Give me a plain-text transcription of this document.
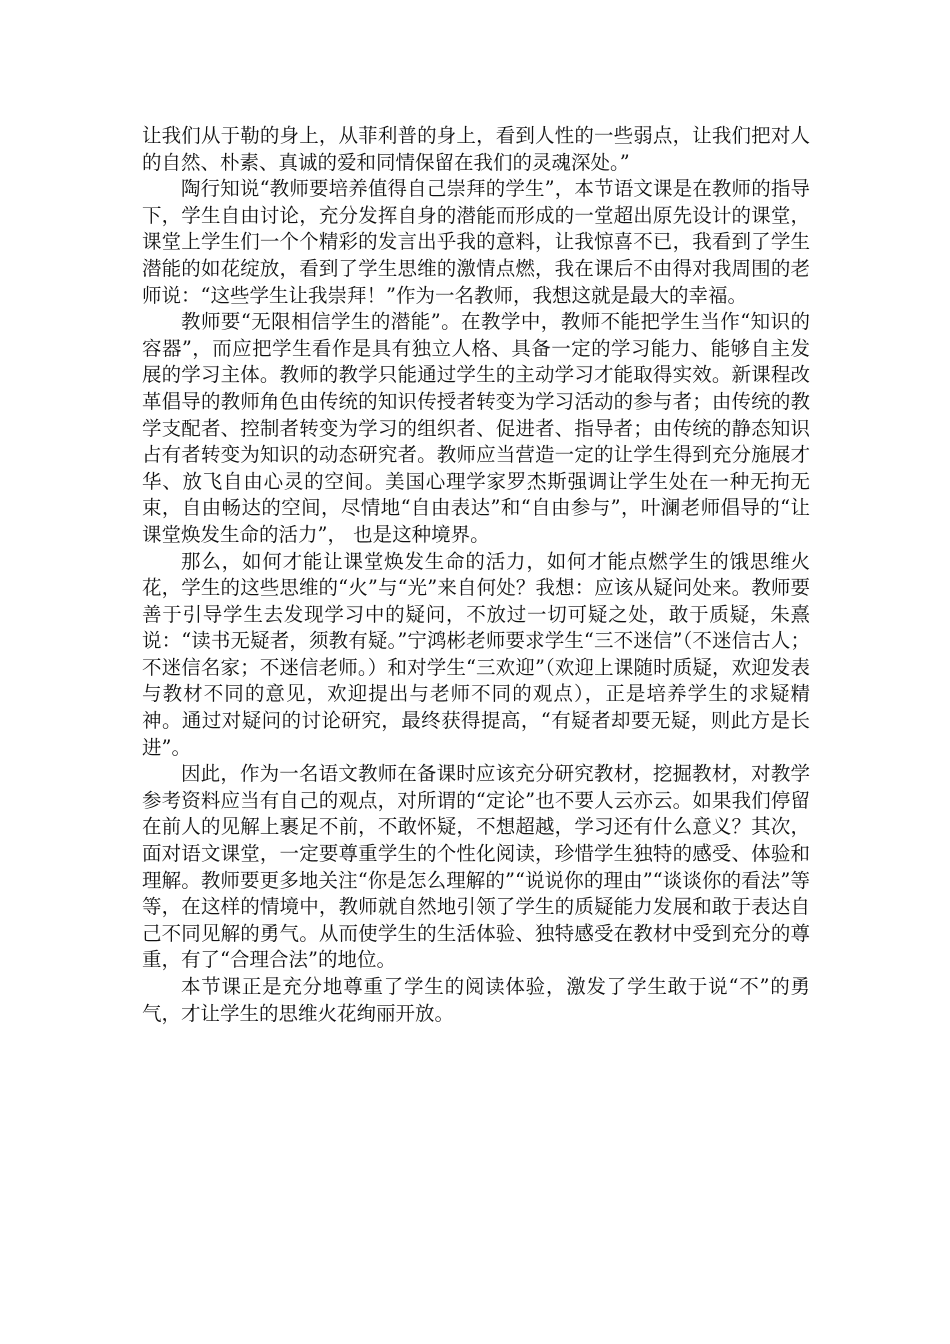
让我们从于勒的身上，从菲利普的身上，看到人性的一些弱点，让我们把对人的自然、朴素、真诚的爱和同情保留在我们的灵魂深处。”

陶行知说“教师要培养值得自己崇拜的学生”，本节语文课是在教师的指导下，学生自由讨论，充分发挥自身的潜能而形成的一堂超出原先设计的课堂，课堂上学生们一个个精彩的发言出乎我的意料，让我惊喜不已，我看到了学生潜能的如花绽放，看到了学生思维的激情点燃，我在课后不由得对我周围的老师说：“这些学生让我崇拜！”作为一名教师，我想这就是最大的幸福。

教师要“无限相信学生的潜能”。在教学中，教师不能把学生当作“知识的容器”，而应把学生看作是具有独立人格、具备一定的学习能力、能够自主发展的学习主体。教师的教学只能通过学生的主动学习才能取得实效。新课程改革倡导的教师角色由传统的知识传授者转变为学习活动的参与者；由传统的教学支配者、控制者转变为学习的组织者、促进者、指导者；由传统的静态知识占有者转变为知识的动态研究者。教师应当营造一定的让学生得到充分施展才华、放飞自由心灵的空间。美国心理学家罗杰斯强调让学生处在一种无拘无束，自由畅达的空间，尽情地“自由表达”和“自由参与”，叶澜老师倡导的“让课堂焕发生命的活力”， 也是这种境界。

那么，如何才能让课堂焕发生命的活力，如何才能点燃学生的饿思维火花，学生的这些思维的“火”与“光”来自何处？我想：应该从疑问处来。教师要善于引导学生去发现学习中的疑问，不放过一切可疑之处，敢于质疑，朱熹说：“读书无疑者，须教有疑。”宁鸿彬老师要求学生“三不迷信”（不迷信古人；不迷信名家；不迷信老师。）和对学生“三欢迎”（欢迎上课随时质疑，欢迎发表与教材不同的意见，欢迎提出与老师不同的观点），正是培养学生的求疑精神。通过对疑问的讨论研究，最终获得提高，“有疑者却要无疑，则此方是长进”。

因此，作为一名语文教师在备课时应该充分研究教材，挖掘教材，对教学参考资料应当有自己的观点，对所谓的“定论”也不要人云亦云。如果我们停留在前人的见解上裹足不前，不敢怀疑，不想超越，学习还有什么意义？其次，面对语文课堂，一定要尊重学生的个性化阅读，珍惜学生独特的感受、体验和理解。教师要更多地关注“你是怎么理解的”“说说你的理由”“谈谈你的看法”等等，在这样的情境中，教师就自然地引领了学生的质疑能力发展和敢于表达自己不同见解的勇气。从而使学生的生活体验、独特感受在教材中受到充分的尊重，有了“合理合法”的地位。

本节课正是充分地尊重了学生的阅读体验，激发了学生敢于说“不”的勇气，才让学生的思维火花绚丽开放。
